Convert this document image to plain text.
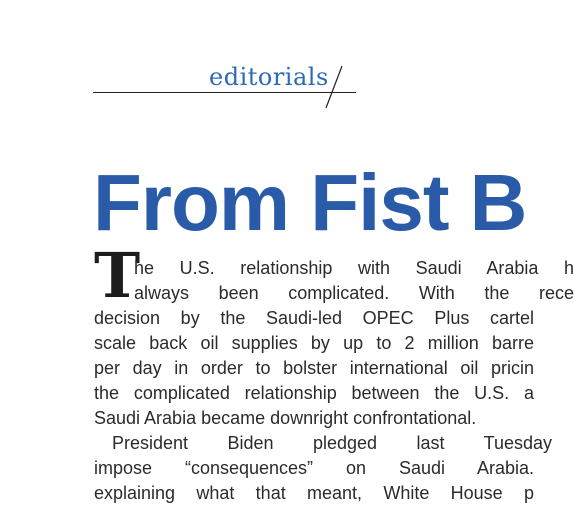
editorials
From Fist B
T
he U.S. relationship with Saudi Arabia h
always been complicated. With the rece
decision by the Saudi-led OPEC Plus cartel
scale back oil supplies by up to 2 million barre
per day in order to bolster international oil pricin
the complicated relationship between the U.S. a
Saudi Arabia became downright confrontational.
President Biden pledged last Tuesday
impose “consequences” on Saudi Arabia.
explaining what that meant, White House p
